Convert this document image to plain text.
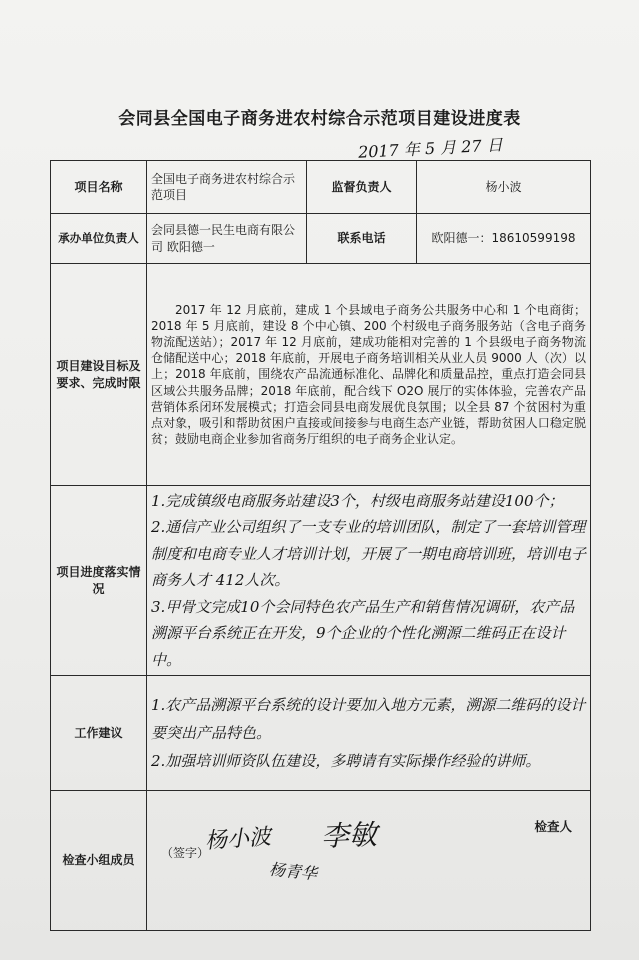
会同县全国电子商务进农村综合示范项目建设进度表
2017 年 5 月 27 日
项目名称	全国电子商务进农村综合示范项目	监督负责人	杨小波
承办单位负责人	会同县德一民生电商有限公司 欧阳德一	联系电话	欧阳德一：18610599198
项目建设目标及要求、完成时限	2017 年 12 月底前，建成 1 个县域电子商务公共服务中心和 1 个电商街；2018 年 5 月底前，建设 8 个中心镇、200 个村级电子商务服务站（含电子商务物流配送站）；2017 年 12 月底前，建成功能相对完善的 1 个县级电子商务物流仓储配送中心；2018 年底前，开展电子商务培训相关从业人员 9000 人（次）以上；2018 年底前，围绕农产品流通标准化、品牌化和质量品控，重点打造会同县区域公共服务品牌；2018 年底前，配合线下 O2O 展厅的实体体验，完善农产品营销体系闭环发展模式；打造会同县电商发展优良氛围；以全县 87 个贫困村为重点对象，吸引和帮助贫困户直接或间接参与电商生态产业链，帮助贫困人口稳定脱贫；鼓励电商企业参加省商务厅组织的电子商务企业认定。		
项目进度落实情况	1.完成镇级电商服务站建设3个，村级电商服务站建设100个；

2.通信产业公司组织了一支专业的培训团队，制定了一套培训管理制度和电商专业人才培训计划，开展了一期电商培训班，培训电子商务人才 412人次。

3.甲骨文完成10个会同特色农产品生产和销售情况调研，农产品溯源平台系统正在开发，9个企业的个性化溯源二维码正在设计中。		

工作建议	1.农产品溯源平台系统的设计要加入地方元素，溯源二维码的设计要突出产品特色。

2.加强培训师资队伍建设，多聘请有实际操作经验的讲师。		

检查小组成员	（签字）
杨小波 李敏
杨青华
检查人		
